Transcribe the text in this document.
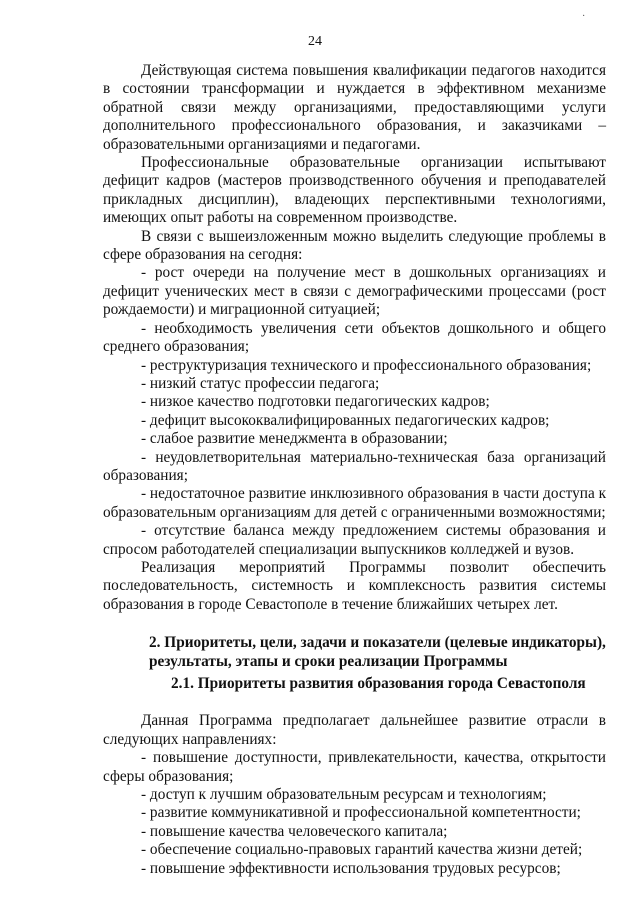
·
24

Действующая система повышения квалификации педагогов находится в состоянии трансформации и нуждается в эффективном механизме обратной связи между организациями, предоставляющими услуги дополнительного профессионального образования, и заказчиками – образовательными организациями и педагогами.

Профессиональные образовательные организации испытывают дефицит кадров (мастеров производственного обучения и преподавателей прикладных дисциплин), владеющих перспективными технологиями, имеющих опыт работы на современном производстве.

В связи с вышеизложенным можно выделить следующие проблемы в сфере образования на сегодня:

- рост очереди на получение мест в дошкольных организациях и дефицит ученических мест в связи с демографическими процессами (рост рождаемости) и миграционной ситуацией;

- необходимость увеличения сети объектов дошкольного и общего среднего образования;

- реструктуризация технического и профессионального образования;

- низкий статус профессии педагога;

- низкое качество подготовки педагогических кадров;

- дефицит высококвалифицированных педагогических кадров;

- слабое развитие менеджмента в образовании;

- неудовлетворительная материально-техническая база организаций образования;

- недостаточное развитие инклюзивного образования в части доступа к образовательным организациям для детей с ограниченными возможностями;

- отсутствие баланса между предложением системы образования и спросом работодателей специализации выпускников колледжей и вузов.

Реализация мероприятий Программы позволит обеспечить последовательность, системность и комплексность развития системы образования в городе Севастополе в течение ближайших четырех лет.

2. Приоритеты, цели, задачи и показатели (целевые индикаторы), результаты, этапы и сроки реализации Программы

2.1. Приоритеты развития образования города Севастополя

Данная Программа предполагает дальнейшее развитие отрасли в следующих направлениях:

- повышение доступности, привлекательности, качества, открытости сферы образования;

- доступ к лучшим образовательным ресурсам и технологиям;

- развитие коммуникативной и профессиональной компетентности;

- повышение качества человеческого капитала;

- обеспечение социально-правовых гарантий качества жизни детей;

- повышение эффективности использования трудовых ресурсов;
